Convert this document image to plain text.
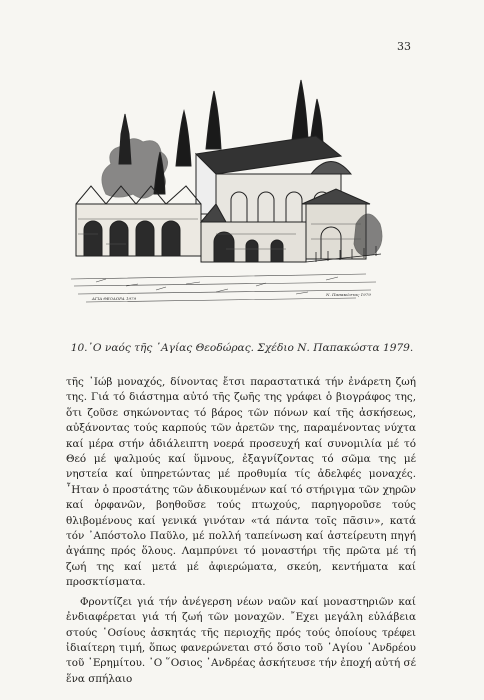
33
ΑΓΙΑ ΘΕΟΔΩΡΑ 1979
Ν. Παπακώστας 1979
10.᾿Ο ναός τῆς ῾Αγίας Θεοδώρας. Σχέδιο Ν. Παπακώστα 1979.

τῆς ᾿Ιώβ μοναχός, δίνοντας ἔτσι παραστατικά τήν ἐνάρετη ζωή της. Γιά τό διάστημα αὐτό τῆς ζωῆς της γράφει ὁ βιογράφος της, ὅτι ζοῦσε σηκώνοντας τό βάρος τῶν πόνων καί τῆς ἀσκήσεως, αὐξάνοντας τούς καρπούς τῶν ἀρετῶν της, παραμένοντας νύχτα καί μέρα στήν ἀδιάλειπτη νοερά προσευχή καί συνομιλία μέ τό Θεό μέ ψαλμούς καί ὕμνους, ἐξαγνίζοντας τό σῶμα της μέ νηστεία καί ὑπηρετώντας μέ προθυμία τίς ἀδελφές μοναχές. ῏Ηταν ὁ προστάτης τῶν ἀδικουμένων καί τό στήριγμα τῶν χηρῶν καί ὀρφανῶν, βοηθοῦσε τούς πτωχούς, παρηγοροῦσε τούς θλιβομένους καί γενικά γινόταν «τά πάντα τοῖς πᾶσιν», κατά τόν ᾿Απόστολο Παῦλο, μέ πολλή ταπείνωση καί ἀστείρευτη πηγή ἀγάπης πρός ὅλους. Λαμπρύνει τό μοναστήρι τῆς πρῶτα μέ τή ζωή της καί μετά μέ ἀφιερώματα, σκεύη, κεντήματα καί προσκτίσματα.

Φροντίζει γιά τήν ἀνέγερση νέων ναῶν καί μοναστηριῶν καί ἐνδιαφέρεται γιά τή ζωή τῶν μοναχῶν. ῎Εχει μεγάλη εὐλάβεια στούς ῾Οσίους ἀσκητάς τῆς περιοχῆς πρός τούς ὁποίους τρέφει ἰδιαίτερη τιμή, ὅπως φανερώνεται στό ὅσιο τοῦ ῾Αγίου ᾿Ανδρέου τοῦ ᾿Ερημίτου. ᾿Ο ῞Οσιος ᾿Ανδρέας ἀσκήτευσε τήν ἐποχή αὐτή σέ ἕνα σπήλαιο
